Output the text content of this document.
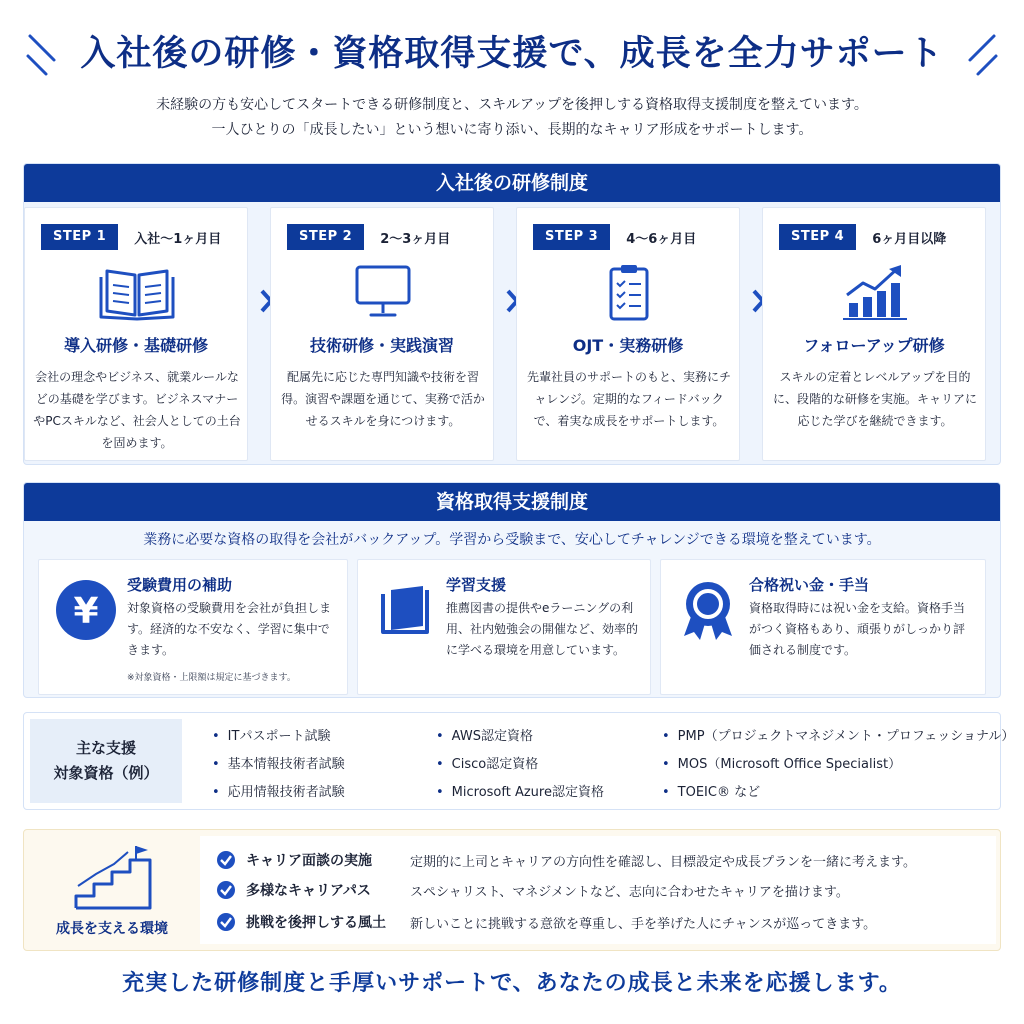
入社後の研修・資格取得支援で、成長を全力サポート
未経験の方も安心してスタートできる研修制度と、スキルアップを後押しする資格取得支援制度を整えています。
一人ひとりの「成長したい」という想いに寄り添い、長期的なキャリア形成をサポートします。
入社後の研修制度
STEP 1	入社〜1ヶ月目
導入研修・基礎研修
会社の理念やビジネス、就業ルールなどの基礎を学びます。ビジネスマナーやPCスキルなど、社会人としての土台を固めます。
STEP 2	2〜3ヶ月目
技術研修・実践演習
配属先に応じた専門知識や技術を習得。演習や課題を通じて、実務で活かせるスキルを身につけます。
STEP 3	4〜6ヶ月目
OJT・実務研修
先輩社員のサポートのもと、実務にチャレンジ。定期的なフィードバックで、着実な成長をサポートします。
STEP 4	6ヶ月目以降
フォローアップ研修
スキルの定着とレベルアップを目的に、段階的な研修を実施。キャリアに応じた学びを継続できます。
資格取得支援制度
業務に必要な資格の取得を会社がバックアップ。学習から受験まで、安心してチャレンジできる環境を整えています。
¥
受験費用の補助
対象資格の受験費用を会社が負担します。経済的な不安なく、学習に集中できます。
※対象資格・上限額は規定に基づきます。
学習支援
推薦図書の提供やeラーニングの利用、社内勉強会の開催など、効率的に学べる環境を用意しています。
合格祝い金・手当
資格取得時には祝い金を支給。資格手当がつく資格もあり、頑張りがしっかり評価される制度です。
主な支援
対象資格（例）
• ITパスポート試験
• 基本情報技術者試験
• 応用情報技術者試験
• AWS認定資格
• Cisco認定資格
• Microsoft Azure認定資格
• PMP（プロジェクトマネジメント・プロフェッショナル）
• MOS（Microsoft Office Specialist）
• TOEIC® など
成長を支える環境
キャリア面談の実施	定期的に上司とキャリアの方向性を確認し、目標設定や成長プランを一緒に考えます。
多様なキャリアパス	スペシャリスト、マネジメントなど、志向に合わせたキャリアを描けます。
挑戦を後押しする風土	新しいことに挑戦する意欲を尊重し、手を挙げた人にチャンスが巡ってきます。
充実した研修制度と手厚いサポートで、あなたの成長と未来を応援します。
